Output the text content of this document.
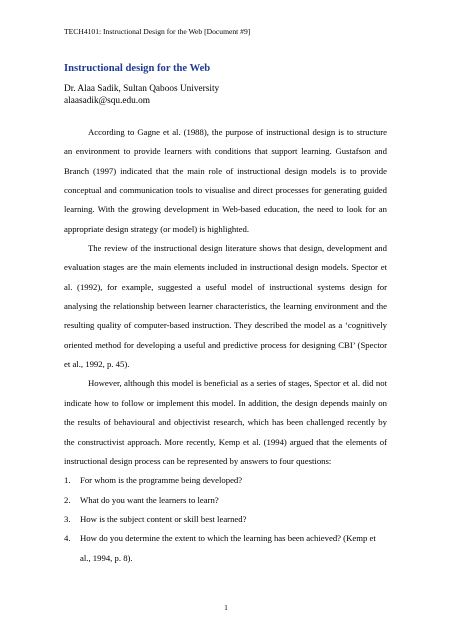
TECH4101: Instructional Design for the Web [Document #9]
Instructional design for the Web
Dr. Alaa Sadik, Sultan Qaboos University
alaasadik@squ.edu.om

According to Gagne et al. (1988), the purpose of instructional design is to structure an environment to provide learners with conditions that support learning. Gustafson and Branch (1997) indicated that the main role of instructional design models is to provide conceptual and communication tools to visualise and direct processes for generating guided learning. With the growing development in Web-based education, the need to look for an appropriate design strategy (or model) is highlighted.

The review of the instructional design literature shows that design, development and evaluation stages are the main elements included in instructional design models. Spector et al. (1992), for example, suggested a useful model of instructional systems design for analysing the relationship between learner characteristics, the learning environment and the resulting quality of computer-based instruction. They described the model as a ‘cognitively oriented method for developing a useful and predictive process for designing CBI’ (Spector et al., 1992, p. 45).

However, although this model is beneficial as a series of stages, Spector et al. did not indicate how to follow or implement this model. In addition, the design depends mainly on the results of behavioural and objectivist research, which has been challenged recently by the constructivist approach. More recently, Kemp et al. (1994) argued that the elements of instructional design process can be represented by answers to four questions:

1. For whom is the programme being developed?
2. What do you want the learners to learn?
3. How is the subject content or skill best learned?
4. How do you determine the extent to which the learning has been achieved? (Kemp et al., 1994, p. 8).
1
